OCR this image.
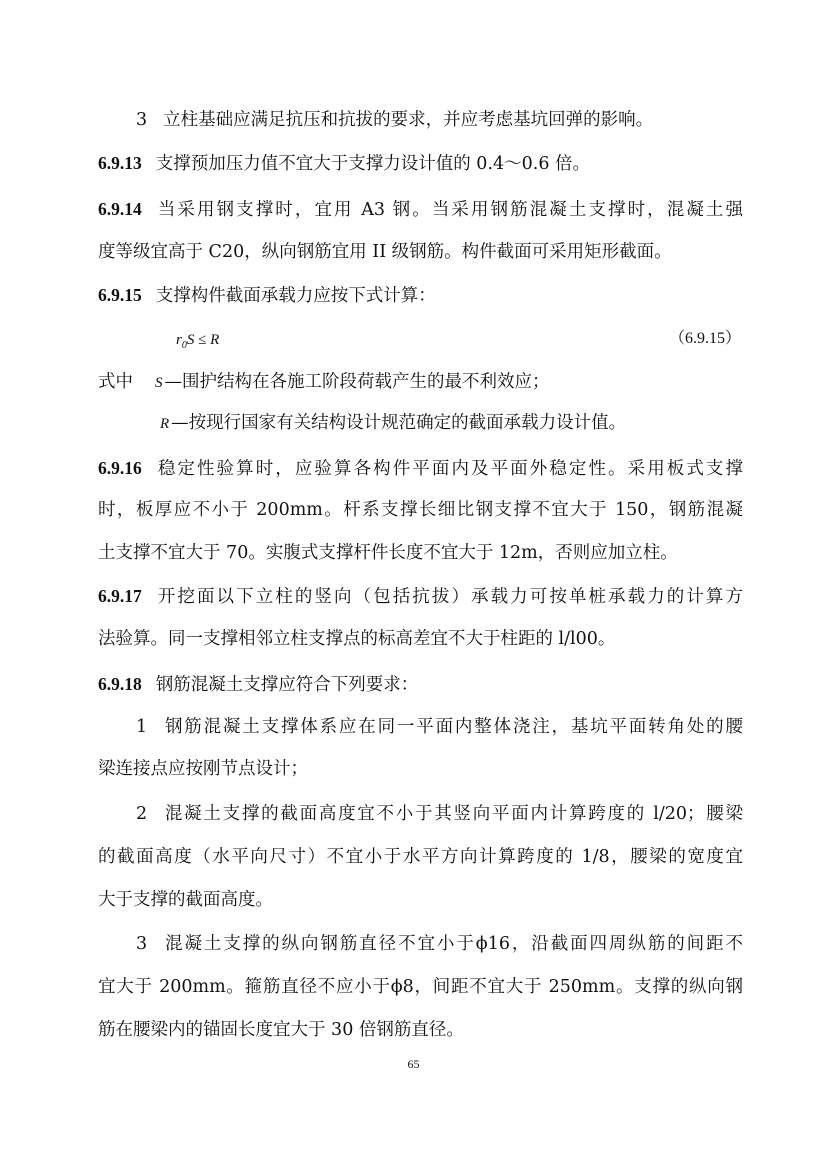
3 立柱基础应满足抗压和抗拔的要求，并应考虑基坑回弹的影响。
6.9.13 支撑预加压力值不宜大于支撑力设计值的 0.4～0.6 倍。
6.9.14 当采用钢支撑时，宜用 A3 钢。当采用钢筋混凝土支撑时，混凝土强
度等级宜高于 C20，纵向钢筋宜用 II 级钢筋。构件截面可采用矩形截面。
6.9.15 支撑构件截面承载力应按下式计算：
$r_0S \le R$	（6.9.15）
式中 S —围护结构在各施工阶段荷载产生的最不利效应；
R —按现行国家有关结构设计规范确定的截面承载力设计值。
6.9.16 稳定性验算时，应验算各构件平面内及平面外稳定性。采用板式支撑
时，板厚应不小于 200mm。杆系支撑长细比钢支撑不宜大于 150，钢筋混凝
土支撑不宜大于 70。实腹式支撑杆件长度不宜大于 12m，否则应加立柱。
6.9.17 开挖面以下立柱的竖向（包括抗拔）承载力可按单桩承载力的计算方
法验算。同一支撑相邻立柱支撑点的标高差宜不大于柱距的 l/l00。
6.9.18 钢筋混凝土支撑应符合下列要求：
1 钢筋混凝土支撑体系应在同一平面内整体浇注，基坑平面转角处的腰
梁连接点应按刚节点设计；
2 混凝土支撑的截面高度宜不小于其竖向平面内计算跨度的 l/20；腰梁
的截面高度（水平向尺寸）不宜小于水平方向计算跨度的 1/8，腰梁的宽度宜
大于支撑的截面高度。
3 混凝土支撑的纵向钢筋直径不宜小于ϕ16，沿截面四周纵筋的间距不
宜大于 200mm。箍筋直径不应小于ϕ8，间距不宜大于 250mm。支撑的纵向钢
筋在腰梁内的锚固长度宜大于 30 倍钢筋直径。
65
